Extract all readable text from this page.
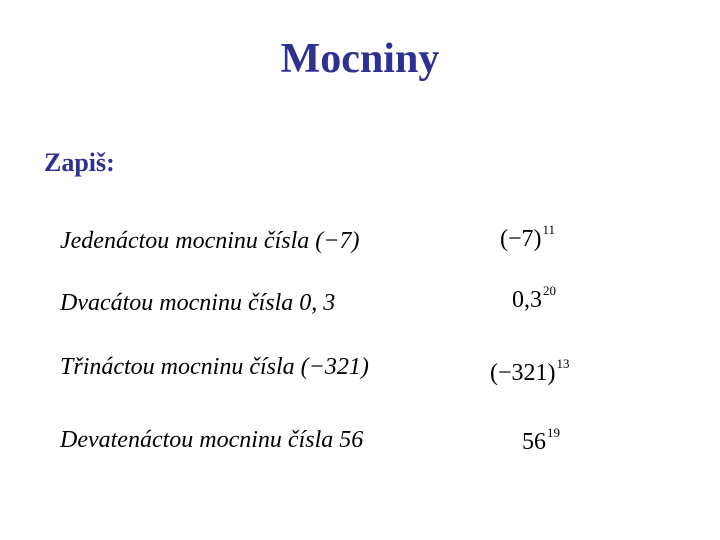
Mocniny
Zapiš:
Jedenáctou mocninu čísla (−7)	$(-7)^{11}$
Dvacátou mocninu čísla 0, 3	$0,3^{20}$
Třináctou mocninu čísla (−321)	$(-321)^{13}$
Devatenáctou mocninu čísla 56	$56^{19}$
